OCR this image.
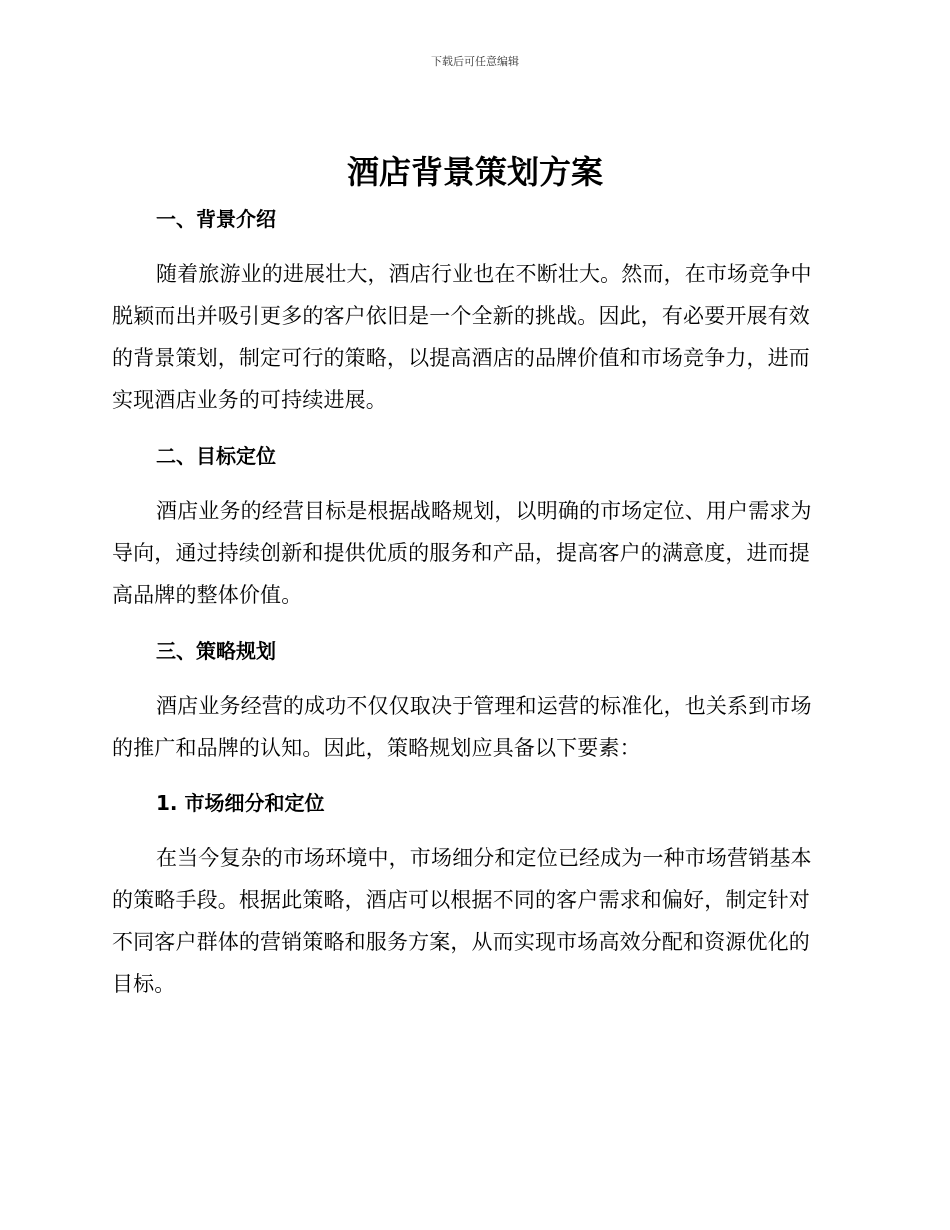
下载后可任意编辑
酒店背景策划方案
一、背景介绍

随着旅游业的进展壮大，酒店行业也在不断壮大。然而，在市场竞争中脱颖而出并吸引更多的客户依旧是一个全新的挑战。因此，有必要开展有效的背景策划，制定可行的策略，以提高酒店的品牌价值和市场竞争力，进而实现酒店业务的可持续进展。

二、目标定位

酒店业务的经营目标是根据战略规划，以明确的市场定位、用户需求为导向，通过持续创新和提供优质的服务和产品，提高客户的满意度，进而提高品牌的整体价值。

三、策略规划

酒店业务经营的成功不仅仅取决于管理和运营的标准化，也关系到市场的推广和品牌的认知。因此，策略规划应具备以下要素：

1. 市场细分和定位

在当今复杂的市场环境中，市场细分和定位已经成为一种市场营销基本的策略手段。根据此策略，酒店可以根据不同的客户需求和偏好，制定针对不同客户群体的营销策略和服务方案，从而实现市场高效分配和资源优化的目标。
